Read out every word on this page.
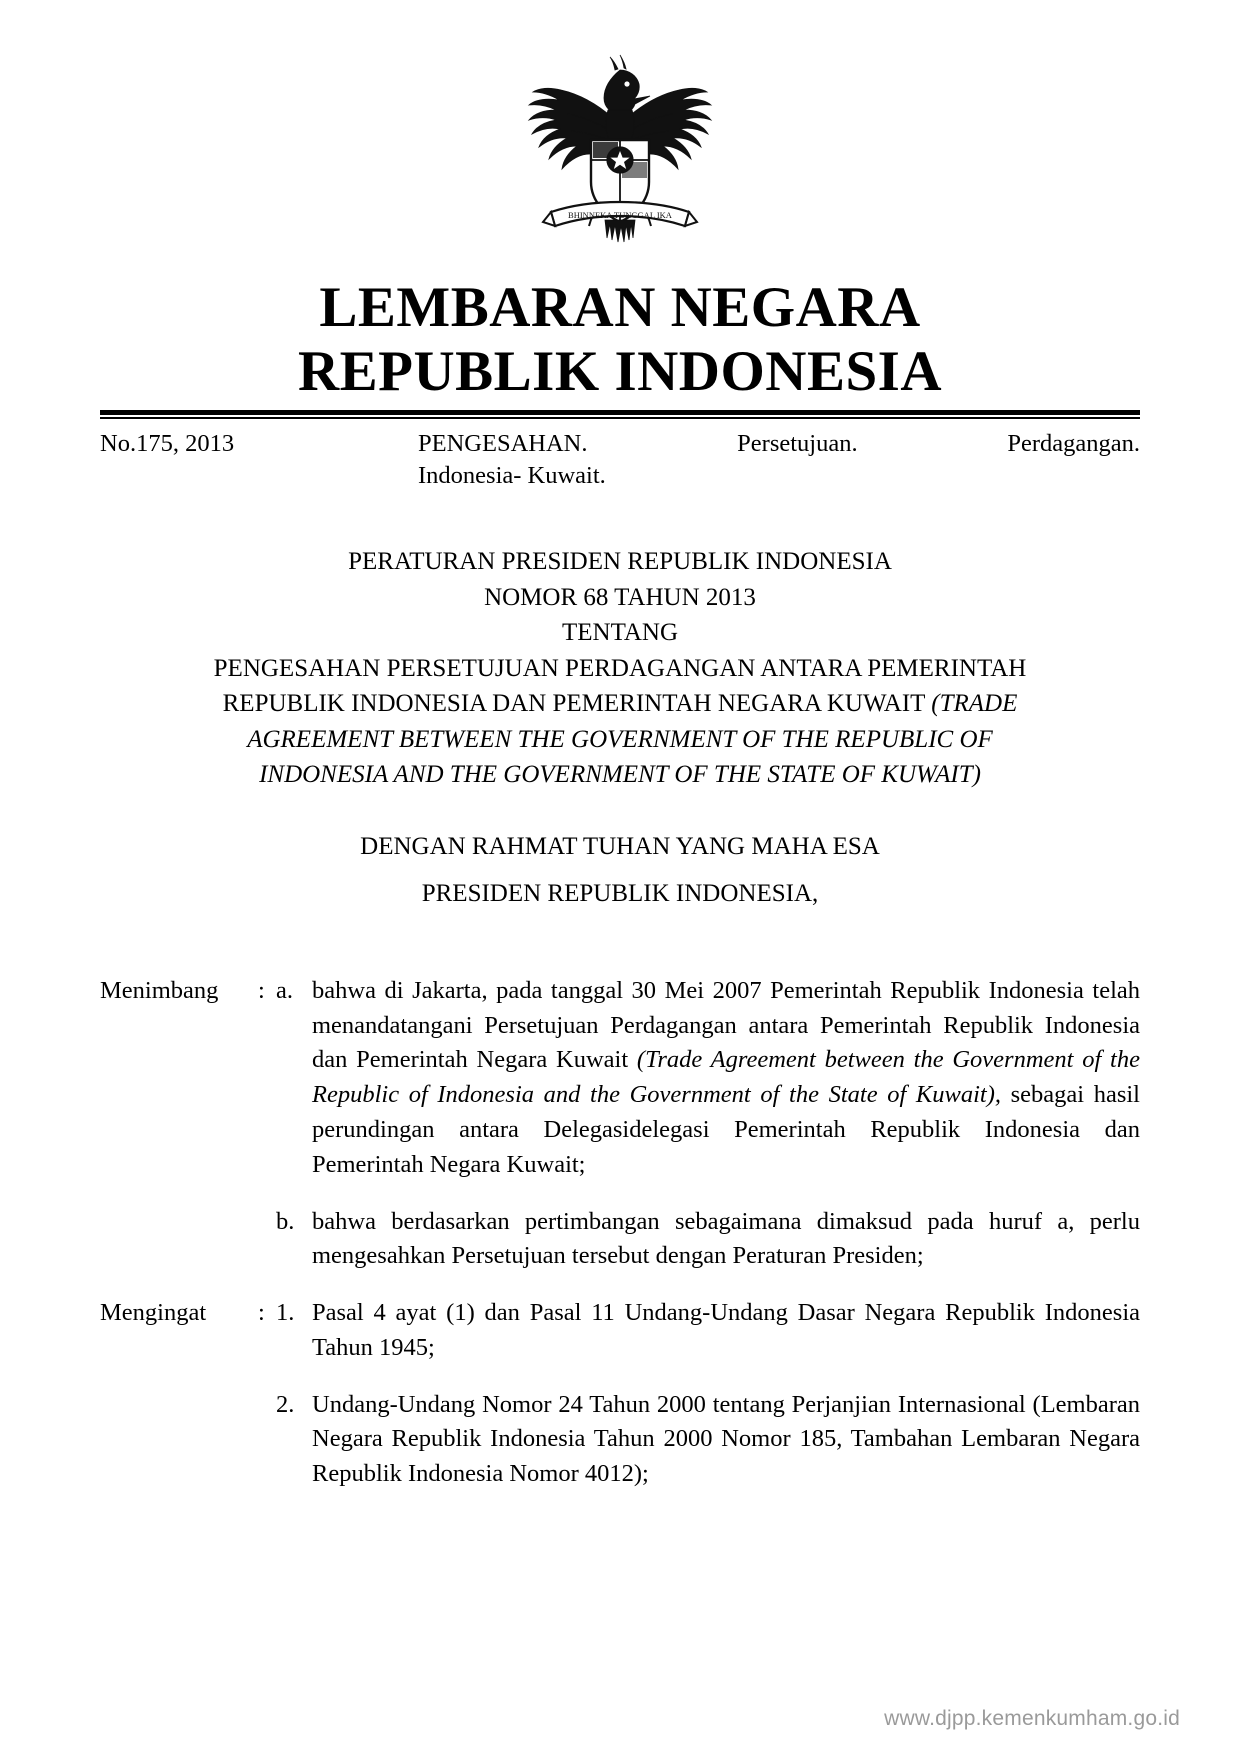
BHINNEKA TUNGGAL IKA
LEMBARAN NEGARA
REPUBLIK INDONESIA
No.175, 2013	PENGESAHAN. Persetujuan. Perdagangan.
Indonesia- Kuwait.
PERATURAN PRESIDEN REPUBLIK INDONESIA
NOMOR 68 TAHUN 2013
TENTANG
PENGESAHAN PERSETUJUAN PERDAGANGAN ANTARA PEMERINTAH
REPUBLIK INDONESIA DAN PEMERINTAH NEGARA KUWAIT (TRADE
AGREEMENT BETWEEN THE GOVERNMENT OF THE REPUBLIC OF
INDONESIA AND THE GOVERNMENT OF THE STATE OF KUWAIT)
DENGAN RAHMAT TUHAN YANG MAHA ESA
PRESIDEN REPUBLIK INDONESIA,
Menimbang	: a. bahwa di Jakarta, pada tanggal 30 Mei 2007 Pemerintah Republik Indonesia telah menandatangani Persetujuan Perdagangan antara Pemerintah Republik Indonesia dan Pemerintah Negara Kuwait (Trade Agreement between the Government of the Republic of Indonesia and the Government of the State of Kuwait), sebagai hasil perundingan antara Delegasidelegasi Pemerintah Republik Indonesia dan Pemerintah Negara Kuwait;
b. bahwa berdasarkan pertimbangan sebagaimana dimaksud pada huruf a, perlu mengesahkan Persetujuan tersebut dengan Peraturan Presiden;
Mengingat	: 1. Pasal 4 ayat (1) dan Pasal 11 Undang-Undang Dasar Negara Republik Indonesia Tahun 1945;
2. Undang-Undang Nomor 24 Tahun 2000 tentang Perjanjian Internasional (Lembaran Negara Republik Indonesia Tahun 2000 Nomor 185, Tambahan Lembaran Negara Republik Indonesia Nomor 4012);
www.djpp.kemenkumham.go.id
